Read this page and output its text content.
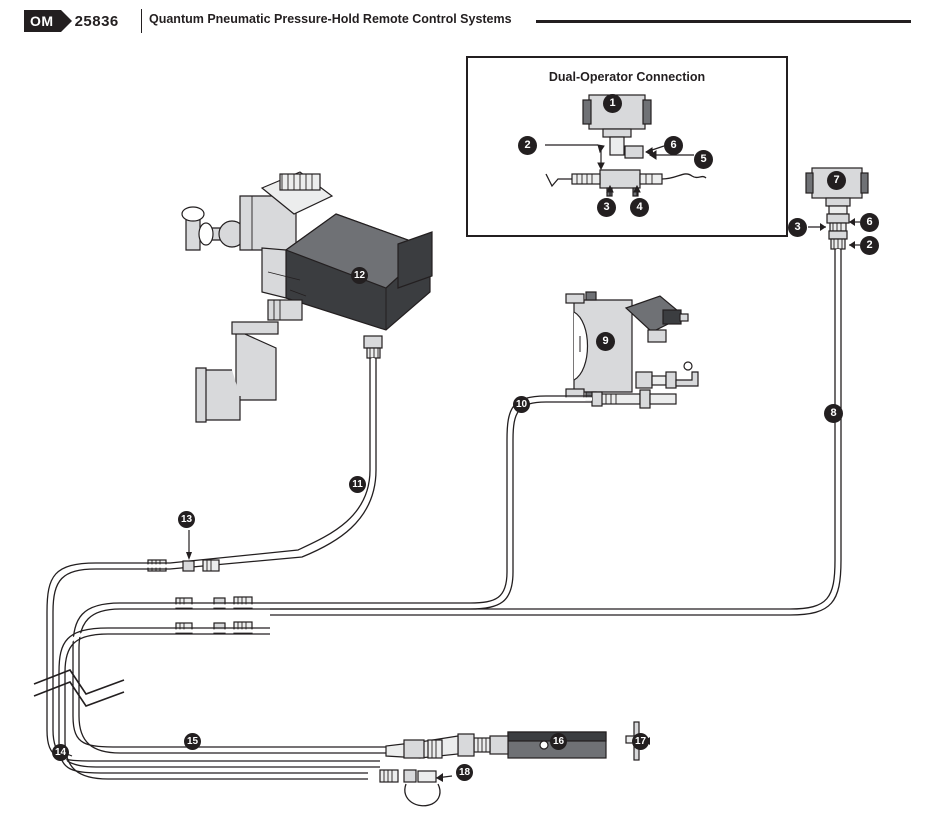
OM	25836	Quantum Pneumatic Pressure-Hold Remote Control Systems
Dual-Operator Connection
1
2
3	4
5
6
2
3	6
7
8
9
10
11
12
13
14
15	16	17
18
